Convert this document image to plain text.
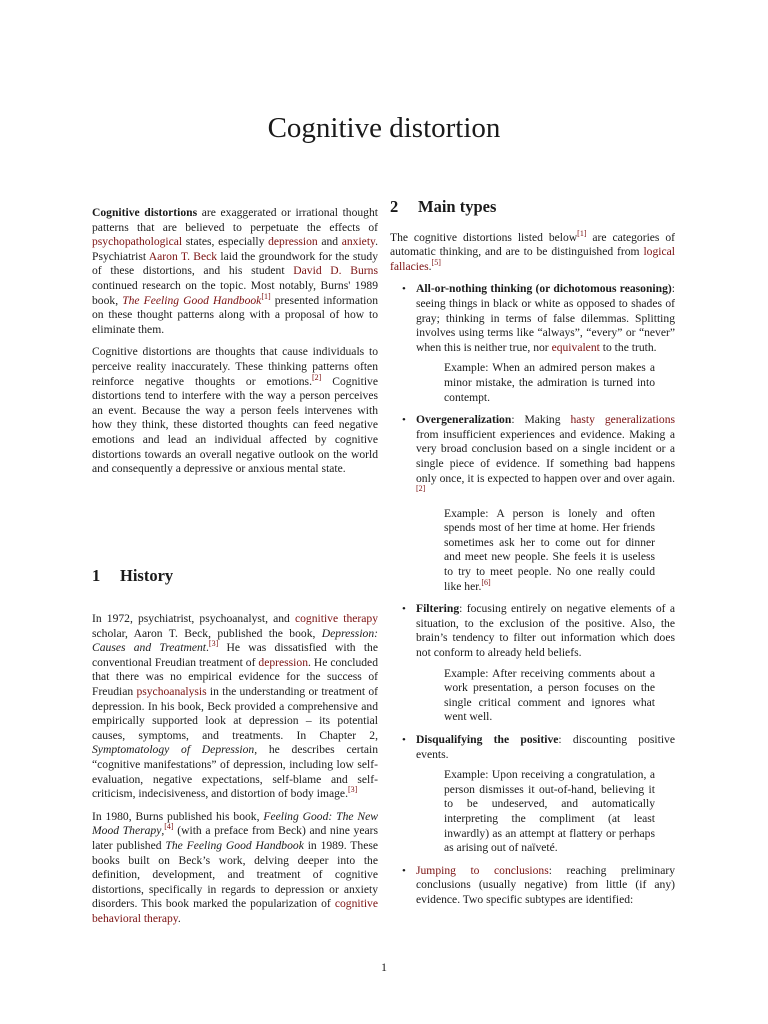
Cognitive distortion

Cognitive distortions are exaggerated or irrational thought patterns that are believed to perpetuate the effects of psychopathological states, especially depression and anxiety. Psychiatrist Aaron T. Beck laid the groundwork for the study of these distortions, and his student David D. Burns continued research on the topic. Most notably, Burns' 1989 book, The Feeling Good Handbook[1] presented information on these thought patterns along with a proposal of how to eliminate them.

Cognitive distortions are thoughts that cause individuals to perceive reality inaccurately. These thinking patterns often reinforce negative thoughts or emotions.[2] Cognitive distortions tend to interfere with the way a person perceives an event. Because the way a person feels intervenes with how they think, these distorted thoughts can feed negative emotions and lead an individual affected by cognitive distortions towards an overall negative outlook on the world and consequently a depressive or anxious mental state.

1 History

In 1972, psychiatrist, psychoanalyst, and cognitive therapy scholar, Aaron T. Beck, published the book, Depression: Causes and Treatment.[3] He was dissatisfied with the conventional Freudian treatment of depression. He concluded that there was no empirical evidence for the success of Freudian psychoanalysis in the understanding or treatment of depression. In his book, Beck provided a comprehensive and empirically supported look at depression – its potential causes, symptoms, and treatments. In Chapter 2, Symptomatology of Depression, he describes certain “cognitive manifestations” of depression, including low self-evaluation, negative expectations, self-blame and self-criticism, indecisiveness, and distortion of body image.[3]

In 1980, Burns published his book, Feeling Good: The New Mood Therapy,[4] (with a preface from Beck) and nine years later published The Feeling Good Handbook in 1989. These books built on Beck’s work, delving deeper into the definition, development, and treatment of cognitive distortions, specifically in regards to depression or anxiety disorders. This book marked the popularization of cognitive behavioral therapy.

2 Main types

The cognitive distortions listed below[1] are categories of automatic thinking, and are to be distinguished from logical fallacies.[5]

• All-or-nothing thinking (or dichotomous reasoning): seeing things in black or white as opposed to shades of gray; thinking in terms of false dilemmas. Splitting involves using terms like “always”, “every” or “never” when this is neither true, nor equivalent to the truth.
Example: When an admired person makes a minor mistake, the admiration is turned into contempt.
• Overgeneralization: Making hasty generalizations from insufficient experiences and evidence. Making a very broad conclusion based on a single incident or a single piece of evidence. If something bad happens only once, it is expected to happen over and over again.[2]
Example: A person is lonely and often spends most of her time at home. Her friends sometimes ask her to come out for dinner and meet new people. She feels it is useless to try to meet people. No one really could like her.[6]
• Filtering: focusing entirely on negative elements of a situation, to the exclusion of the positive. Also, the brain’s tendency to filter out information which does not conform to already held beliefs.
Example: After receiving comments about a work presentation, a person focuses on the single critical comment and ignores what went well.
• Disqualifying the positive: discounting positive events.
Example: Upon receiving a congratulation, a person dismisses it out-of-hand, believing it to be undeserved, and automatically interpreting the compliment (at least inwardly) as an attempt at flattery or perhaps as arising out of naïveté.
• Jumping to conclusions: reaching preliminary conclusions (usually negative) from little (if any) evidence. Two specific subtypes are identified:
1
